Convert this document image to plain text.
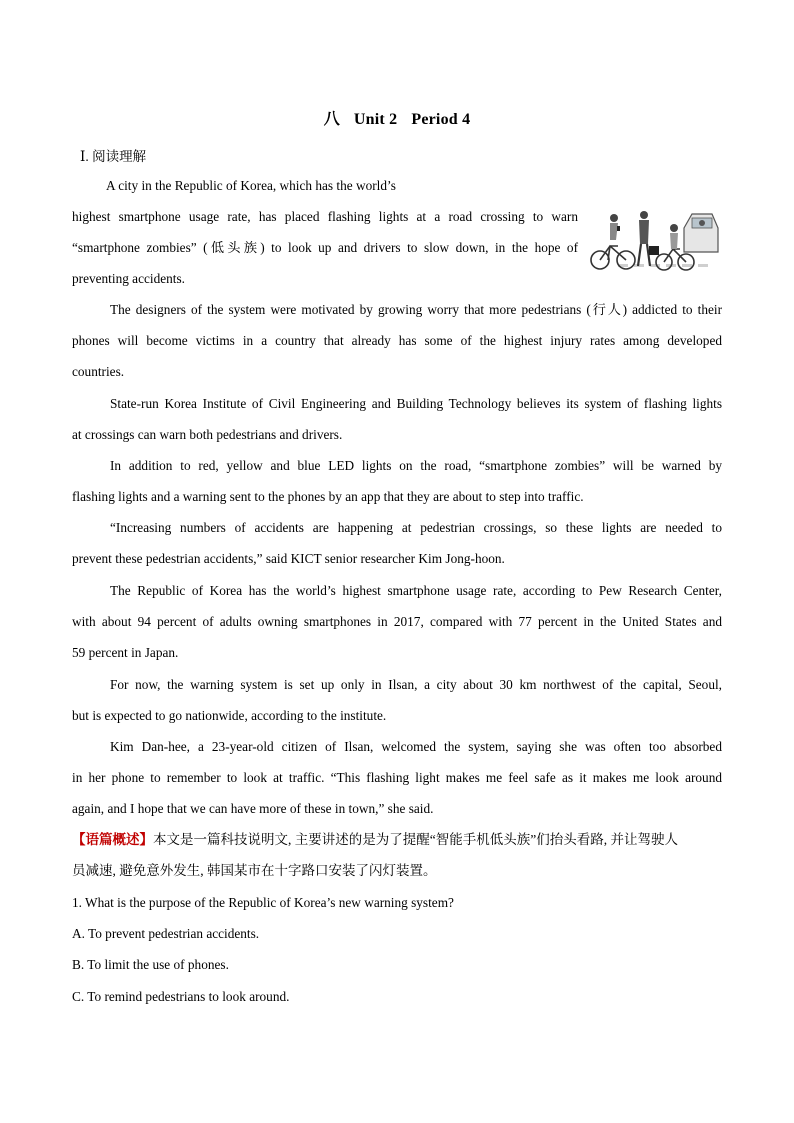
八 Unit 2 Period 4
Ⅰ. 阅读理解
A city in the Republic of Korea, which has the world’s
highest smartphone usage rate, has placed flashing lights at a road crossing to warn
“smartphone zombies” (低头族) to look up and drivers to slow down, in the hope of
preventing accidents.
The designers of the system were motivated by growing worry that more pedestrians (行人) addicted to their
phones will become victims in a country that already has some of the highest injury rates among developed
countries.
State-run Korea Institute of Civil Engineering and Building Technology believes its system of flashing lights
at crossings can warn both pedestrians and drivers.
In addition to red, yellow and blue LED lights on the road, “smartphone zombies” will be warned by
flashing lights and a warning sent to the phones by an app that they are about to step into traffic.
“Increasing numbers of accidents are happening at pedestrian crossings, so these lights are needed to
prevent these pedestrian accidents,” said KICT senior researcher Kim Jong-hoon.
The Republic of Korea has the world’s highest smartphone usage rate, according to Pew Research Center,
with about 94 percent of adults owning smartphones in 2017, compared with 77 percent in the United States and
59 percent in Japan.
For now, the warning system is set up only in Ilsan, a city about 30 km northwest of the capital, Seoul,
but is expected to go nationwide, according to the institute.
Kim Dan-hee, a 23-year-old citizen of Ilsan, welcomed the system, saying she was often too absorbed
in her phone to remember to look at traffic. “This flashing light makes me feel safe as it makes me look around
again, and I hope that we can have more of these in town,” she said.
【语篇概述】本文是一篇科技说明文, 主要讲述的是为了提醒“智能手机低头族”们抬头看路, 并让驾驶人
员减速, 避免意外发生, 韩国某市在十字路口安装了闪灯装置。
1. What is the purpose of the Republic of Korea’s new warning system?
A. To prevent pedestrian accidents.
B. To limit the use of phones.
C. To remind pedestrians to look around.
